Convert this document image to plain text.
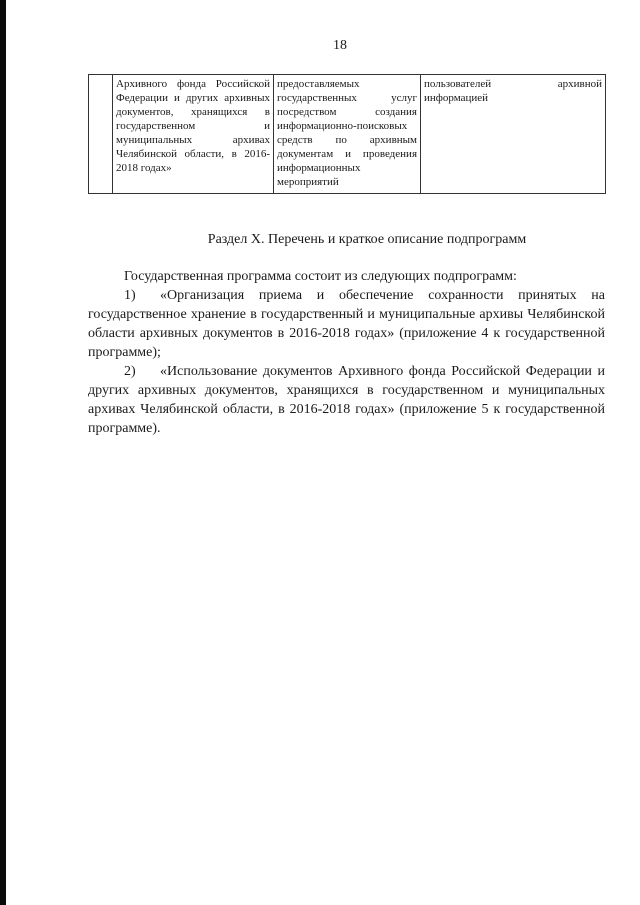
18
	Архивного фонда Российской Федерации и других архивных документов, хранящихся в государственном и муниципальных архивах Челябинской области, в 2016-2018 годах»	предоставляемых государственных услуг посредством создания информационно-поисковых средств по архивным документам и проведения информационных мероприятий	пользователей архивной информацией
Раздел X. Перечень и краткое описание подпрограмм

Государственная программа состоит из следующих подпрограмм:

1) «Организация приема и обеспечение сохранности принятых на государственное хранение в государственный и муниципальные архивы Челябинской области архивных документов в 2016-2018 годах» (приложение 4 к государственной программе);

2) «Использование документов Архивного фонда Российской Федерации и других архивных документов, хранящихся в государственном и муниципальных архивах Челябинской области, в 2016-2018 годах» (приложение 5 к государственной программе).
